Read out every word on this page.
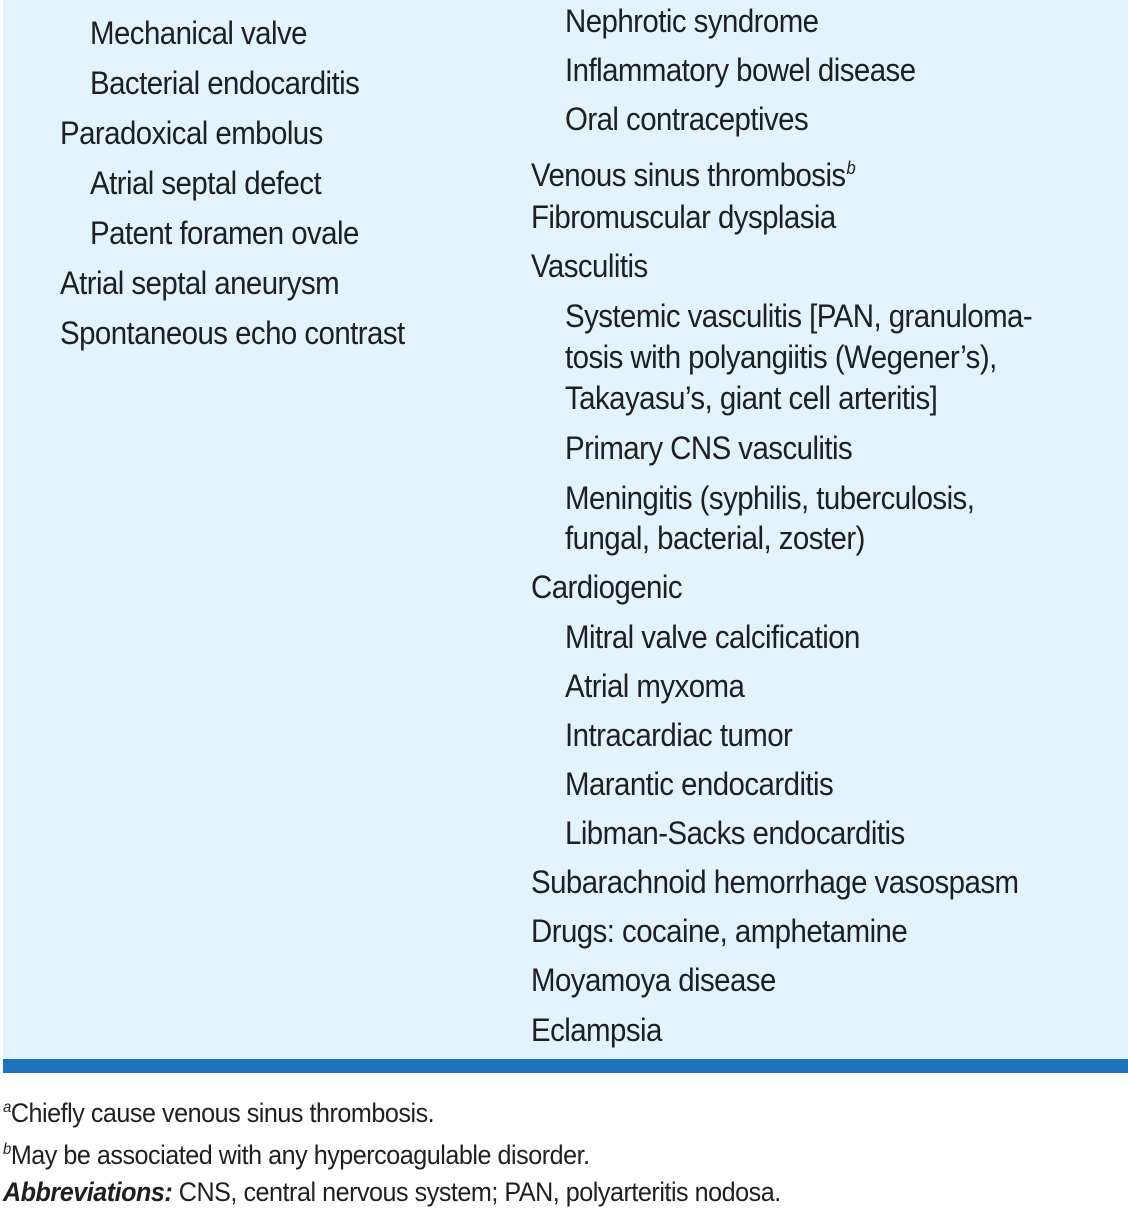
Mechanical valve
Bacterial endocarditis
Paradoxical embolus
Atrial septal defect
Patent foramen ovale
Atrial septal aneurysm
Spontaneous echo contrast
Nephrotic syndrome
Inflammatory bowel disease
Oral contraceptives
Venous sinus thrombosis$^b$
Fibromuscular dysplasia
Vasculitis
Systemic vasculitis [PAN, granuloma-
tosis with polyangiitis (Wegener’s),
Takayasu’s, giant cell arteritis]
Primary CNS vasculitis
Meningitis (syphilis, tuberculosis,
fungal, bacterial, zoster)
Cardiogenic
Mitral valve calcification
Atrial myxoma
Intracardiac tumor
Marantic endocarditis
Libman-Sacks endocarditis
Subarachnoid hemorrhage vasospasm
Drugs: cocaine, amphetamine
Moyamoya disease
Eclampsia
$^a$Chiefly cause venous sinus thrombosis.
$^b$May be associated with any hypercoagulable disorder.
Abbreviations: CNS, central nervous system; PAN, polyarteritis nodosa.
